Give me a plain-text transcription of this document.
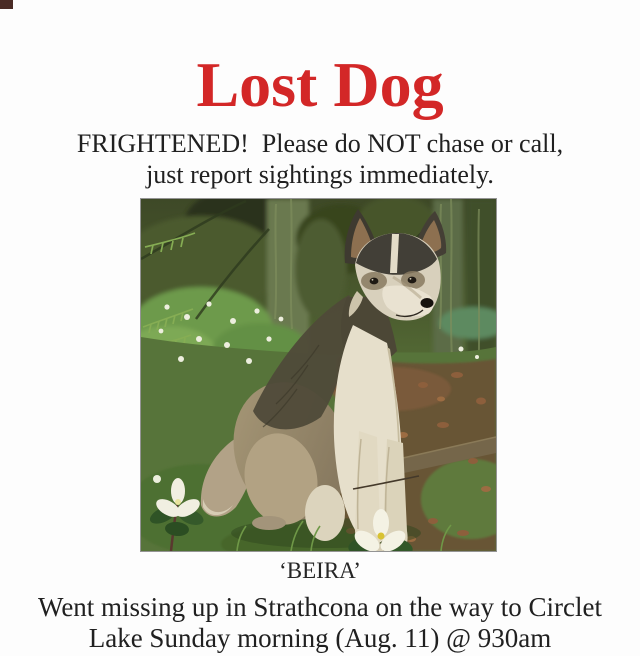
Lost Dog
FRIGHTENED!  Please do NOT chase or call,
just report sightings immediately.
‘BEIRA’
Went missing up in Strathcona on the way to Circlet
Lake Sunday morning (Aug. 11) @ 930am
